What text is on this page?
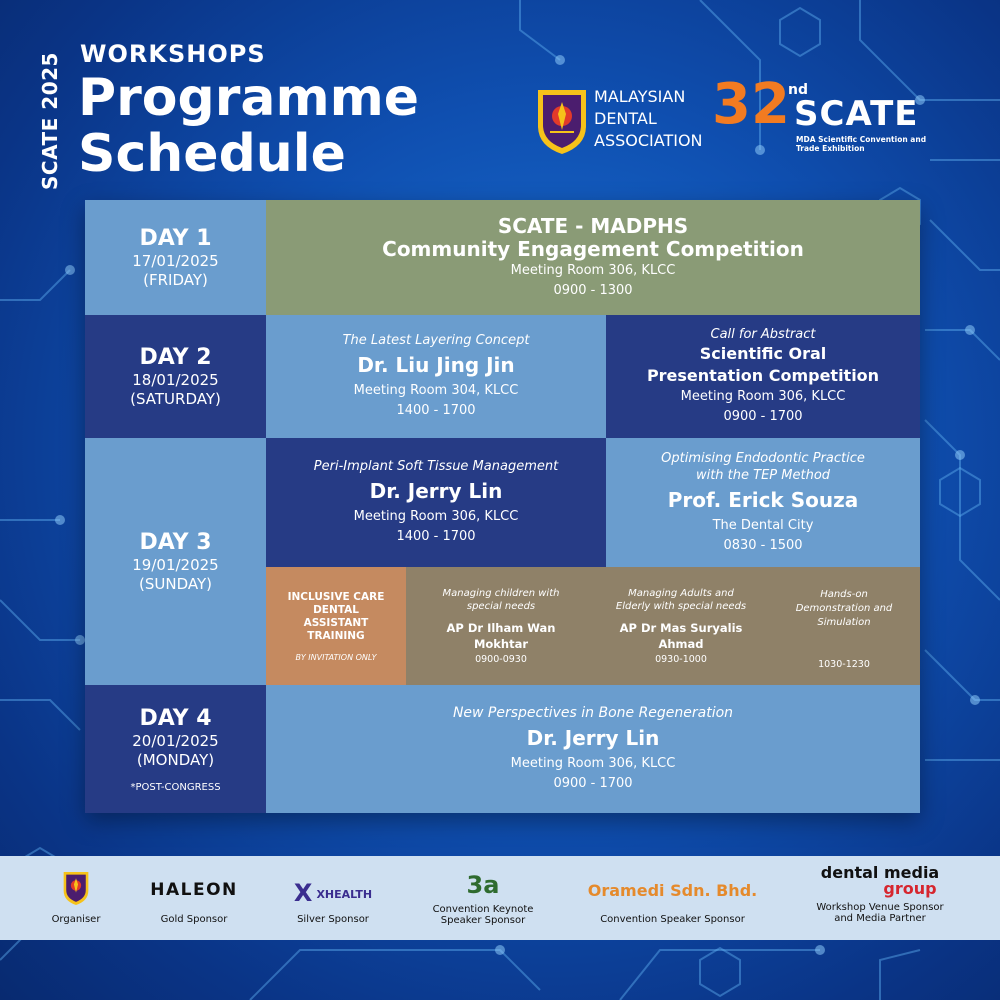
SCATE 2025 WORKSHOPS
Programme
Schedule
MALAYSIAN
DENTAL
ASSOCIATION
32
nd
SCATE
MDA Scientific Convention and
Trade Exhibition
DAY 1
17/01/2025
(FRIDAY)
SCATE - MADPHS
Community Engagement Competition
Meeting Room 306, KLCC
0900 - 1300
DAY 2
18/01/2025
(SATURDAY)
The Latest Layering Concept
Dr. Liu Jing Jin
Meeting Room 304, KLCC
1400 - 1700
Call for Abstract
Scientific Oral
Presentation Competition
Meeting Room 306, KLCC
0900 - 1700
DAY 3
19/01/2025
(SUNDAY)
Peri-Implant Soft Tissue Management
Dr. Jerry Lin
Meeting Room 306, KLCC
1400 - 1700
Optimising Endodontic Practice
with the TEP Method
Prof. Erick Souza
The Dental City
0830 - 1500
INCLUSIVE CARE
DENTAL
ASSISTANT
TRAINING
BY INVITATION ONLY
Managing children with
special needs
AP Dr Ilham Wan
Mokhtar
0900-0930
Managing Adults and
Elderly with special needs
AP Dr Mas Suryalis
Ahmad
0930-1000
Hands-on
Demonstration and
Simulation
1030-1230
DAY 4
20/01/2025
(MONDAY)
*POST-CONGRESS
New Perspectives in Bone Regeneration
Dr. Jerry Lin
Meeting Room 306, KLCC
0900 - 1700
Organiser
HALEON
Gold Sponsor
X XHEALTH
Silver Sponsor
3a
Convention Keynote
Speaker Sponsor
Oramedi Sdn. Bhd.
Convention Speaker Sponsor
dental media
group
Workshop Venue Sponsor
and Media Partner
